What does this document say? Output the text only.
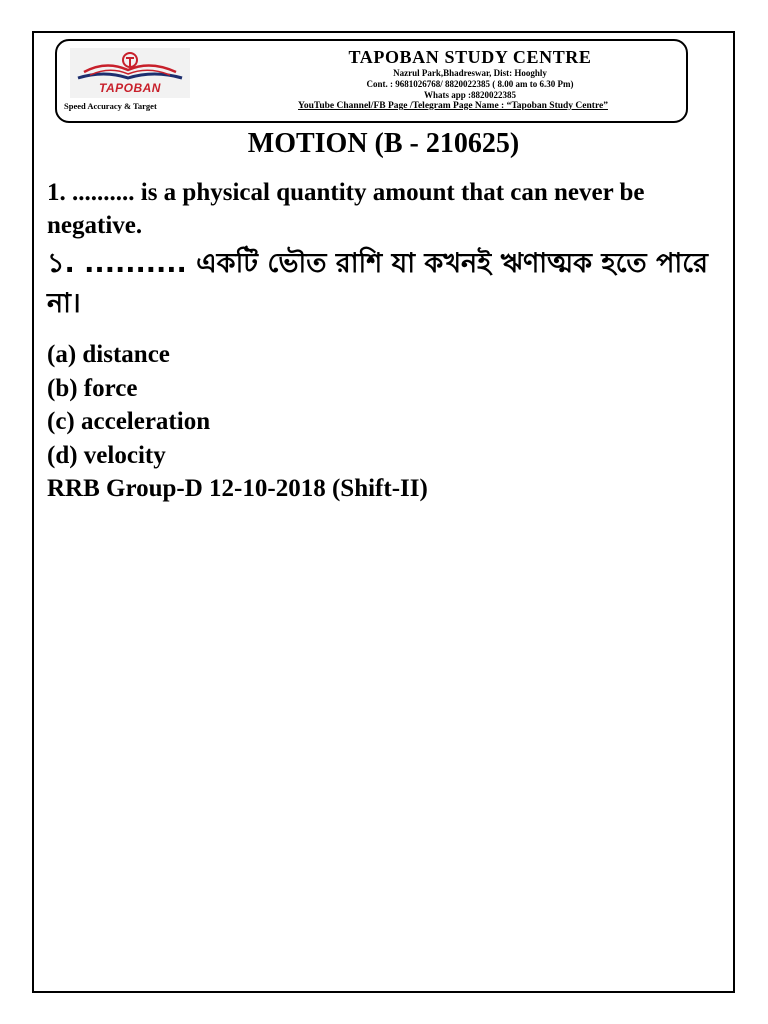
TAPOBAN
Speed Accuracy & Target
TAPOBAN STUDY CENTRE
Nazrul Park,Bhadreswar, Dist: Hooghly
Cont. : 9681026768/ 8820022385 ( 8.00 am to 6.30 Pm)
Whats app :8820022385
YouTube Channel/FB Page /Telegram Page Name : “Tapoban Study Centre”
MOTION (B - 210625)
1. .......... is a physical quantity amount that can never be negative.
১. .......... একটি ভৌত রাশি যা কখনই ঋণাত্মক হতে পারে না।
(a) distance
(b) force
(c) acceleration
(d) velocity
RRB Group-D 12-10-2018 (Shift-II)
